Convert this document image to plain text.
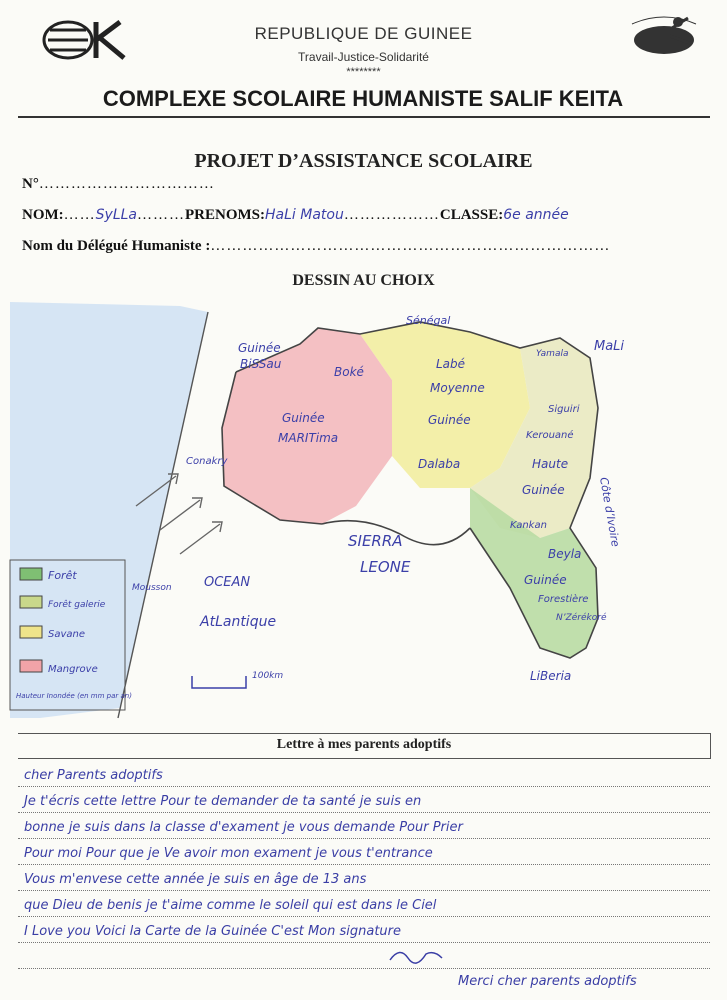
REPUBLIQUE DE GUINEE
Travail-Justice-Solidarité
********
COMPLEXE SCOLAIRE HUMANISTE SALIF KEITA
PROJET D’ASSISTANCE SCOLAIRE
N°……………………………
NOM:……SyLLa………PRENOMS:HaLi Matou………………CLASSE:6e année
Nom du Délégué Humaniste :…………………………………………………………………
DESSIN AU CHOIX
Forêt
Forêt galerie
Savane
Mangrove
Hauteur Inondée (en mm par an)
Sénégal
MaLi
Yamala
Guinée
BiSSau
Boké
Labé
Moyenne
Guinée
Dalaba
Siguiri
Kerouané
Haute
Guinée
Kankan
Guinée
MARITima
Conakry
SIERRA
LEONE
Côte d’Ivoire
Beyla
Guinée
Forestière
N’Zérékoré
LiBeria
OCEAN
AtLantique
Mousson
100km
Lettre à mes parents adoptifs
cher Parents adoptifs
Je t'écris cette lettre Pour te demander de ta santé je suis en
bonne je suis dans la classe d'exament je vous demande Pour Prier
Pour moi Pour que je Ve avoir mon exament je vous t'entrance
Vous m'envese cette année je suis en âge de 13 ans
que Dieu de benis je t'aime comme le soleil qui est dans le Ciel
I Love you Voici la Carte de la Guinée C'est Mon signature
Merci cher parents adoptifs
